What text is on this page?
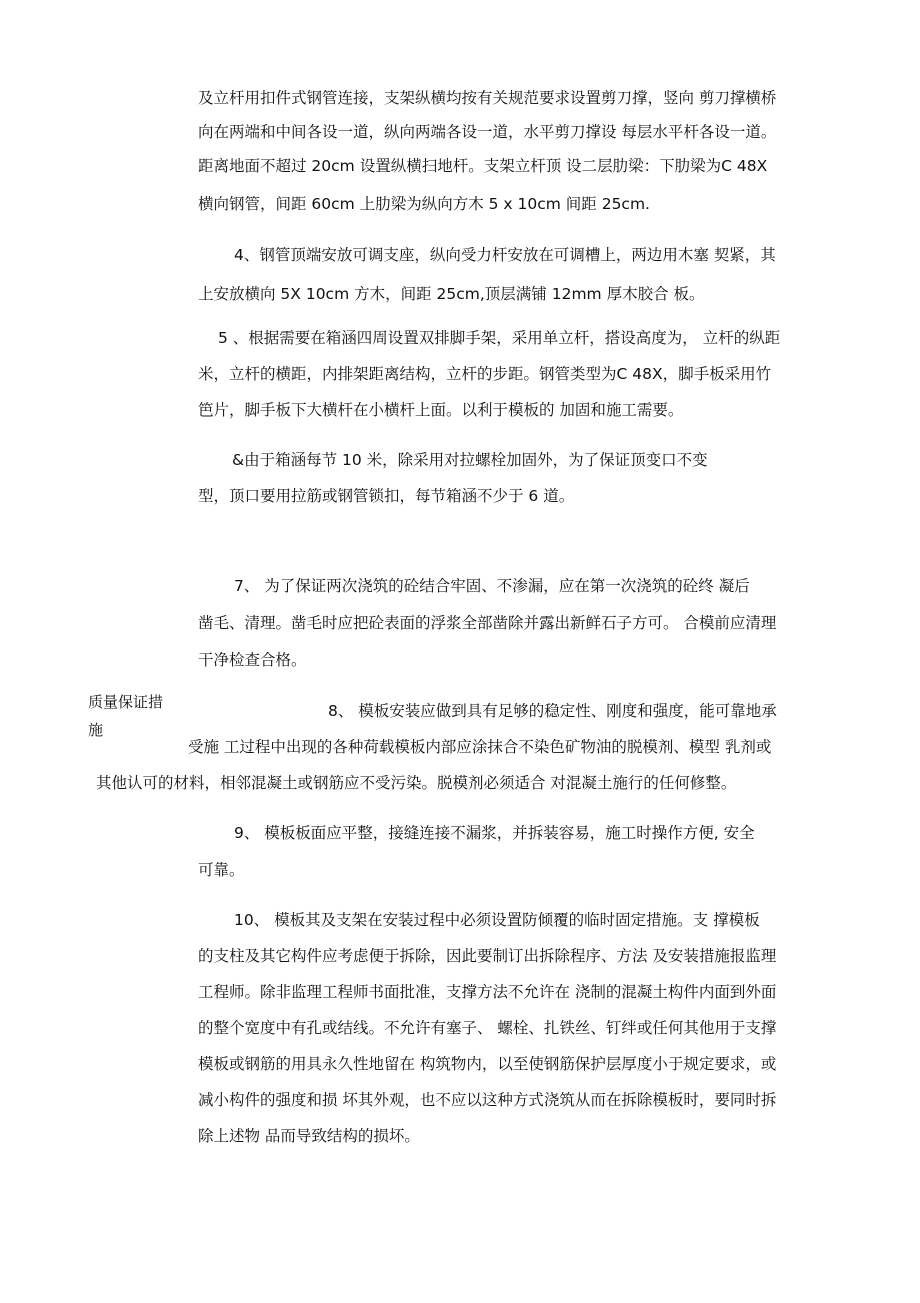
及立杆用扣件式钢管连接，支架纵横均按有关规范要求设置剪刀撑，竖向 剪刀撑横桥
向在两端和中间各设一道，纵向两端各设一道，水平剪刀撑设 每层水平杆各设一道。
距离地面不超过 20cm 设置纵横扫地杆。支架立杆顶 设二层肋梁：下肋梁为C 48X
横向钢管，间距 60cm 上肋梁为纵向方木 5 x 10cm 间距 25cm.
4、钢管顶端安放可调支座，纵向受力杆安放在可调槽上，两边用木塞 契紧，其
上安放横向 5X 10cm 方木，间距 25cm,顶层满铺 12mm 厚木胶合 板。
5 、根据需要在箱涵四周设置双排脚手架，采用单立杆，搭设高度为， 立杆的纵距
米，立杆的横距，内排架距离结构，立杆的步距。钢管类型为C 48X，脚手板采用竹
笆片，脚手板下大横杆在小横杆上面。以利于模板的 加固和施工需要。
&由于箱涵每节 10 米，除采用对拉螺栓加固外，为了保证顶变口不变
型，顶口要用拉筋或钢管锁扣，每节箱涵不少于 6 道。
7、 为了保证两次浇筑的砼结合牢固、不渗漏，应在第一次浇筑的砼终 凝后
凿毛、清理。凿毛时应把砼表面的浮浆全部凿除并露出新鲜石子方可。 合模前应清理
干净检查合格。
质量保证措
施
8、 模板安装应做到具有足够的稳定性、刚度和强度，能可靠地承
受施 工过程中出现的各种荷载模板内部应涂抹合不染色矿物油的脱模剂、模型 乳剂或
其他认可的材料，相邻混凝土或钢筋应不受污染。脱模剂必须适合 对混凝土施行的任何修整。
9、 模板板面应平整，接缝连接不漏浆，并拆装容易，施工时操作方便, 安全
可靠。
10、 模板其及支架在安装过程中必须设置防倾覆的临时固定措施。支 撑模板
的支柱及其它构件应考虑便于拆除，因此要制订出拆除程序、方法 及安装措施报监理
工程师。除非监理工程师书面批准，支撑方法不允许在 浇制的混凝土构件内面到外面
的整个宽度中有孔或结线。不允许有塞子、 螺栓、扎铁丝、钉绊或任何其他用于支撑
模板或钢筋的用具永久性地留在 构筑物内，以至使钢筋保护层厚度小于规定要求，或
减小构件的强度和损 坏其外观，也不应以这种方式浇筑从而在拆除模板时，要同时拆
除上述物 品而导致结构的损坏。
